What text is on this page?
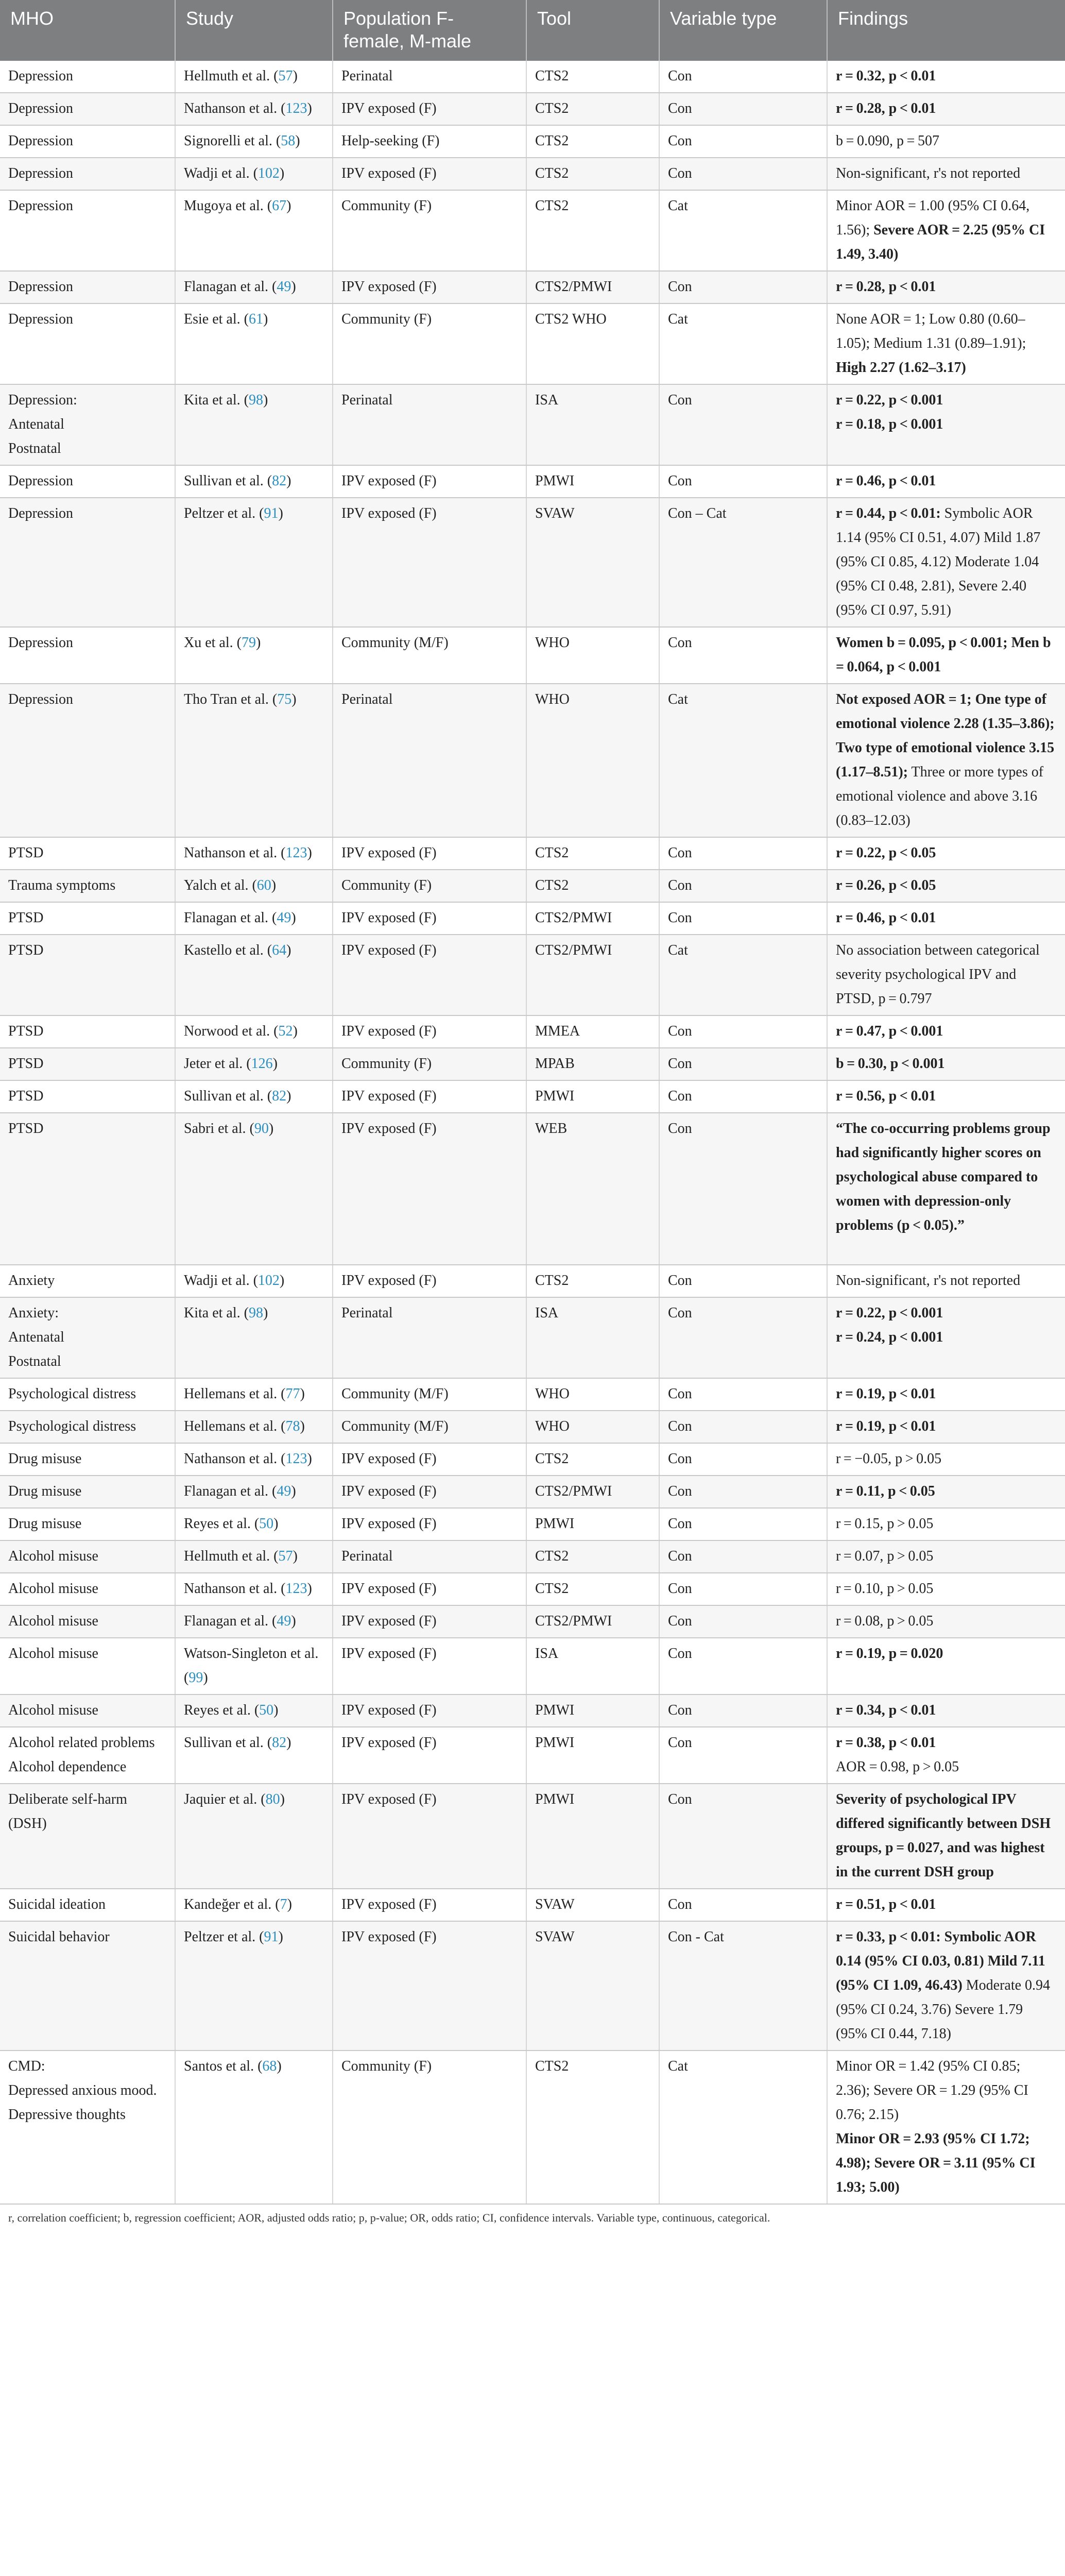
MHO	Study	Population F- female, M-male	Tool	Variable type	Findings

Depression	Hellmuth et al. (57)	Perinatal	CTS2	Con	r = 0.32, p < 0.01

Depression	Nathanson et al. (123)	IPV exposed (F)	CTS2	Con	r = 0.28, p < 0.01

Depression	Signorelli et al. (58)	Help-seeking (F)	CTS2	Con	b = 0.090, p = 507

Depression	Wadji et al. (102)	IPV exposed (F)	CTS2	Con	Non-significant, r's not reported

Depression	Mugoya et al. (67)	Community (F)	CTS2	Cat	Minor AOR = 1.00 (95% CI 0.64, 1.56); Severe AOR = 2.25 (95% CI 1.49, 3.40)

Depression	Flanagan et al. (49)	IPV exposed (F)	CTS2/PMWI	Con	r = 0.28, p < 0.01

Depression	Esie et al. (61)	Community (F)	CTS2 WHO	Cat	None AOR = 1; Low 0.80 (0.60–1.05); Medium 1.31 (0.89–1.91); High 2.27 (1.62–3.17)

Depression:
Antenatal
Postnatal	Kita et al. (98)	Perinatal	ISA	Con	r = 0.22, p < 0.001
r = 0.18, p < 0.001

Depression	Sullivan et al. (82)	IPV exposed (F)	PMWI	Con	r = 0.46, p < 0.01

Depression	Peltzer et al. (91)	IPV exposed (F)	SVAW	Con – Cat	r = 0.44, p < 0.01: Symbolic AOR 1.14 (95% CI 0.51, 4.07) Mild 1.87 (95% CI 0.85, 4.12) Moderate 1.04 (95% CI 0.48, 2.81), Severe 2.40 (95% CI 0.97, 5.91)

Depression	Xu et al. (79)	Community (M/F)	WHO	Con	Women b = 0.095, p < 0.001; Men b = 0.064, p < 0.001

Depression	Tho Tran et al. (75)	Perinatal	WHO	Cat	Not exposed AOR = 1; One type of emotional violence 2.28 (1.35–3.86); Two type of emotional violence 3.15 (1.17–8.51); Three or more types of emotional violence and above 3.16 (0.83–12.03)

PTSD	Nathanson et al. (123)	IPV exposed (F)	CTS2	Con	r = 0.22, p < 0.05

Trauma symptoms	Yalch et al. (60)	Community (F)	CTS2	Con	r = 0.26, p < 0.05

PTSD	Flanagan et al. (49)	IPV exposed (F)	CTS2/PMWI	Con	r = 0.46, p < 0.01

PTSD	Kastello et al. (64)	IPV exposed (F)	CTS2/PMWI	Cat	No association between categorical severity psychological IPV and PTSD, p = 0.797

PTSD	Norwood et al. (52)	IPV exposed (F)	MMEA	Con	r = 0.47, p < 0.001

PTSD	Jeter et al. (126)	Community (F)	MPAB	Con	b = 0.30, p < 0.001

PTSD	Sullivan et al. (82)	IPV exposed (F)	PMWI	Con	r = 0.56, p < 0.01

PTSD	Sabri et al. (90)	IPV exposed (F)	WEB	Con	“The co-occurring problems group had significantly higher scores on psychological abuse compared to women with depression-only problems (p < 0.05).”

Anxiety	Wadji et al. (102)	IPV exposed (F)	CTS2	Con	Non-significant, r's not reported

Anxiety:
Antenatal
Postnatal	Kita et al. (98)	Perinatal	ISA	Con	r = 0.22, p < 0.001
r = 0.24, p < 0.001

Psychological distress	Hellemans et al. (77)	Community (M/F)	WHO	Con	r = 0.19, p < 0.01

Psychological distress	Hellemans et al. (78)	Community (M/F)	WHO	Con	r = 0.19, p < 0.01

Drug misuse	Nathanson et al. (123)	IPV exposed (F)	CTS2	Con	r = −0.05, p > 0.05

Drug misuse	Flanagan et al. (49)	IPV exposed (F)	CTS2/PMWI	Con	r = 0.11, p < 0.05

Drug misuse	Reyes et al. (50)	IPV exposed (F)	PMWI	Con	r = 0.15, p > 0.05

Alcohol misuse	Hellmuth et al. (57)	Perinatal	CTS2	Con	r = 0.07, p > 0.05

Alcohol misuse	Nathanson et al. (123)	IPV exposed (F)	CTS2	Con	r = 0.10, p > 0.05

Alcohol misuse	Flanagan et al. (49)	IPV exposed (F)	CTS2/PMWI	Con	r = 0.08, p > 0.05

Alcohol misuse	Watson-Singleton et al. (99)	IPV exposed (F)	ISA	Con	r = 0.19, p = 0.020

Alcohol misuse	Reyes et al. (50)	IPV exposed (F)	PMWI	Con	r = 0.34, p < 0.01

Alcohol related problems
Alcohol dependence	Sullivan et al. (82)	IPV exposed (F)	PMWI	Con	r = 0.38, p < 0.01
AOR = 0.98, p > 0.05

Deliberate self-harm (DSH)	Jaquier et al. (80)	IPV exposed (F)	PMWI	Con	Severity of psychological IPV differed significantly between DSH groups, p = 0.027, and was highest in the current DSH group

Suicidal ideation	Kandeğer et al. (7)	IPV exposed (F)	SVAW	Con	r = 0.51, p < 0.01

Suicidal behavior	Peltzer et al. (91)	IPV exposed (F)	SVAW	Con - Cat	r = 0.33, p < 0.01: Symbolic AOR 0.14 (95% CI 0.03, 0.81) Mild 7.11 (95% CI 1.09, 46.43) Moderate 0.94 (95% CI 0.24, 3.76) Severe 1.79 (95% CI 0.44, 7.18)

CMD:
Depressed anxious mood.
Depressive thoughts	Santos et al. (68)	Community (F)	CTS2	Cat	Minor OR = 1.42 (95% CI 0.85; 2.36); Severe OR = 1.29 (95% CI 0.76; 2.15)
Minor OR = 2.93 (95% CI 1.72; 4.98); Severe OR = 3.11 (95% CI 1.93; 5.00)
r, correlation coefficient; b, regression coefficient; AOR, adjusted odds ratio; p, p-value; OR, odds ratio; CI, confidence intervals. Variable type, continuous, categorical.
